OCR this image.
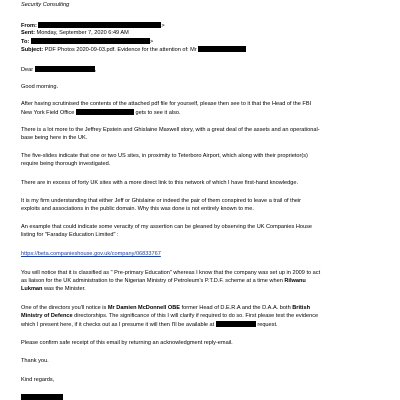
Security Consulting
From:	>
Sent: Monday, September 7, 2020 6:49 AM
To:	>
Subject: PDF Photos 2020-09-03.pdf. Evidence for the attention of: Mr
Dear	,
Good morning.
After having scrutinised the contents of the attached pdf file for yourself, please then see to it that the Head of the FBI
New York Field Office	gets to see it also.
There is a lot more to the Jeffrey Epstein and Ghislaine Maxwell story, with a great deal of the assets and an operational-
base being here in the UK.
The five-slides indicate that one or two US sites, in proximity to Teterboro Airport, which along with their proprietor(s)
require being thorough investigated.
There are in excess of forty UK sites with a more direct link to this network of which I have first-hand knowledge.
It is my firm understanding that either Jeff or Ghislaine or indeed the pair of them conspired to leave a trail of their
exploits and associations in the public domain. Why this was done is not entirely known to me.
An example that could indicate some veracity of my assertion can be gleaned by observing the UK Companies House
listing for "Faraday Education Limited" :
https://beta.companieshouse.gov.uk/company/06833767
You will notice that it is classified as " Pre-primary Education" whereas I know that the company was set up in 2009 to act
as liaison for the UK administration to the Nigerian Ministry of Petroleum's P.T.D.F. scheme at a time when Rilwanu
Lukman was the Minister.
One of the directors you'll notice is Mr Damien McDonnell OBE former Head of D.E.R.A and the D.A.A. both British
Ministry of Defence directorships. The significance of this I will clarify if required to do so. First please test the evidence
which I present here, if it checks out as I presume it will then I'll be available at	request.
Please confirm safe receipt of this email by returning an acknowledgment reply-email.
Thank you.
Kind regards,
